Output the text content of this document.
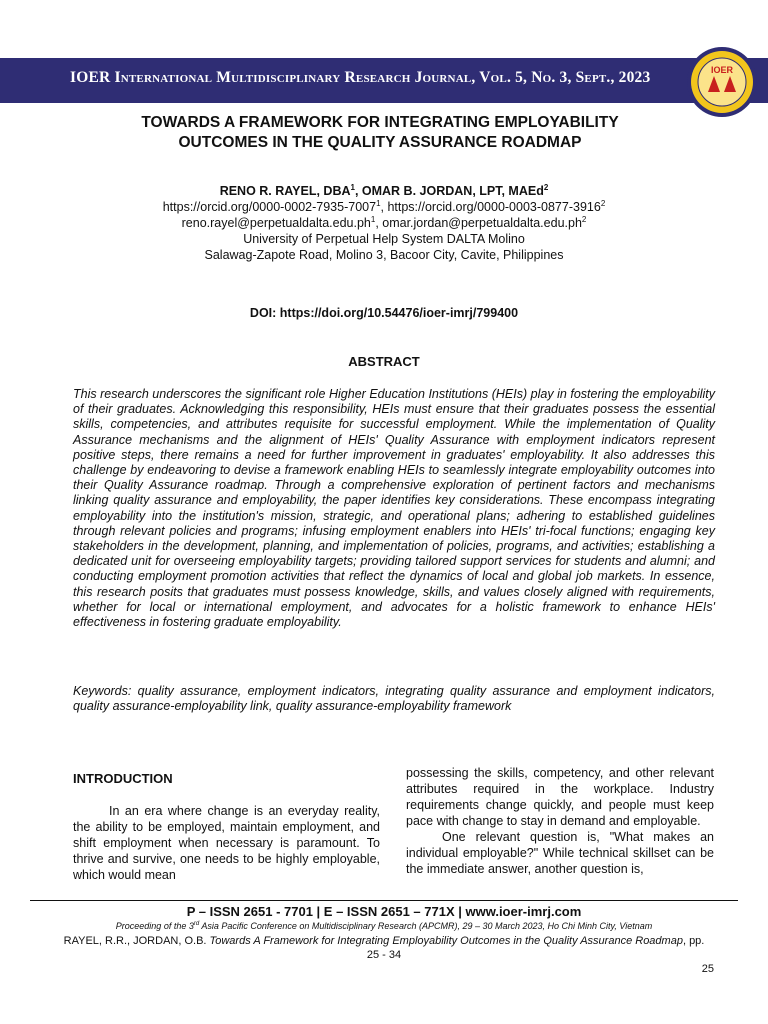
IOER International Multidisciplinary Research Journal, Vol. 5, No. 3, Sept., 2023	IOER
TOWARDS A FRAMEWORK FOR INTEGRATING EMPLOYABILITY
OUTCOMES IN THE QUALITY ASSURANCE ROADMAP
RENO R. RAYEL, DBA$^1$, OMAR B. JORDAN, LPT, MAEd$^2$
https://orcid.org/0000-0002-7935-7007$^1$, https://orcid.org/0000-0003-0877-3916$^2$
$reno.rayel@perpetualdalta.edu.ph^1$, $omar.jordan@perpetualdalta.edu.ph^2$
University of Perpetual Help System DALTA Molino
Salawag-Zapote Road, Molino 3, Bacoor City, Cavite, Philippines
DOI: https://doi.org/10.54476/ioer-imrj/799400
ABSTRACT

This research underscores the significant role Higher Education Institutions (HEIs) play in fostering the employability of their graduates. Acknowledging this responsibility, HEIs must ensure that their graduates possess the essential skills, competencies, and attributes requisite for successful employment. While the implementation of Quality Assurance mechanisms and the alignment of HEIs' Quality Assurance with employment indicators represent positive steps, there remains a need for further improvement in graduates' employability. It also addresses this challenge by endeavoring to devise a framework enabling HEIs to seamlessly integrate employability outcomes into their Quality Assurance roadmap. Through a comprehensive exploration of pertinent factors and mechanisms linking quality assurance and employability, the paper identifies key considerations. These encompass integrating employability into the institution's mission, strategic, and operational plans; adhering to established guidelines through relevant policies and programs; infusing employment enablers into HEIs' tri-focal functions; engaging key stakeholders in the development, planning, and implementation of policies, programs, and activities; establishing a dedicated unit for overseeing employability targets; providing tailored support services for students and alumni; and conducting employment promotion activities that reflect the dynamics of local and global job markets. In essence, this research posits that graduates must possess knowledge, skills, and values closely aligned with requirements, whether for local or international employment, and advocates for a holistic framework to enhance HEIs' effectiveness in fostering graduate employability.

Keywords: quality assurance, employment indicators, integrating quality assurance and employment indicators, quality assurance-employability link, quality assurance-employability framework

INTRODUCTION

In an era where change is an everyday reality, the ability to be employed, maintain employment, and shift employment when necessary is paramount. To thrive and survive, one needs to be highly employable, which would mean

possessing the skills, competency, and other relevant attributes required in the workplace. Industry requirements change quickly, and people must keep pace with change to stay in demand and employable.

One relevant question is, "What makes an individual employable?" While technical skillset can be the immediate answer, another question is,

P – ISSN 2651 - 7701 | E – ISSN 2651 – 771X | www.ioer-imrj.com
Proceeding of the 3rd Asia Pacific Conference on Multidisciplinary Research (APCMR), 29 – 30 March 2023, Ho Chi Minh City, Vietnam
RAYEL, R.R., JORDAN, O.B. Towards A Framework for Integrating Employability Outcomes in the Quality Assurance Roadmap, pp. 25 - 34
25
